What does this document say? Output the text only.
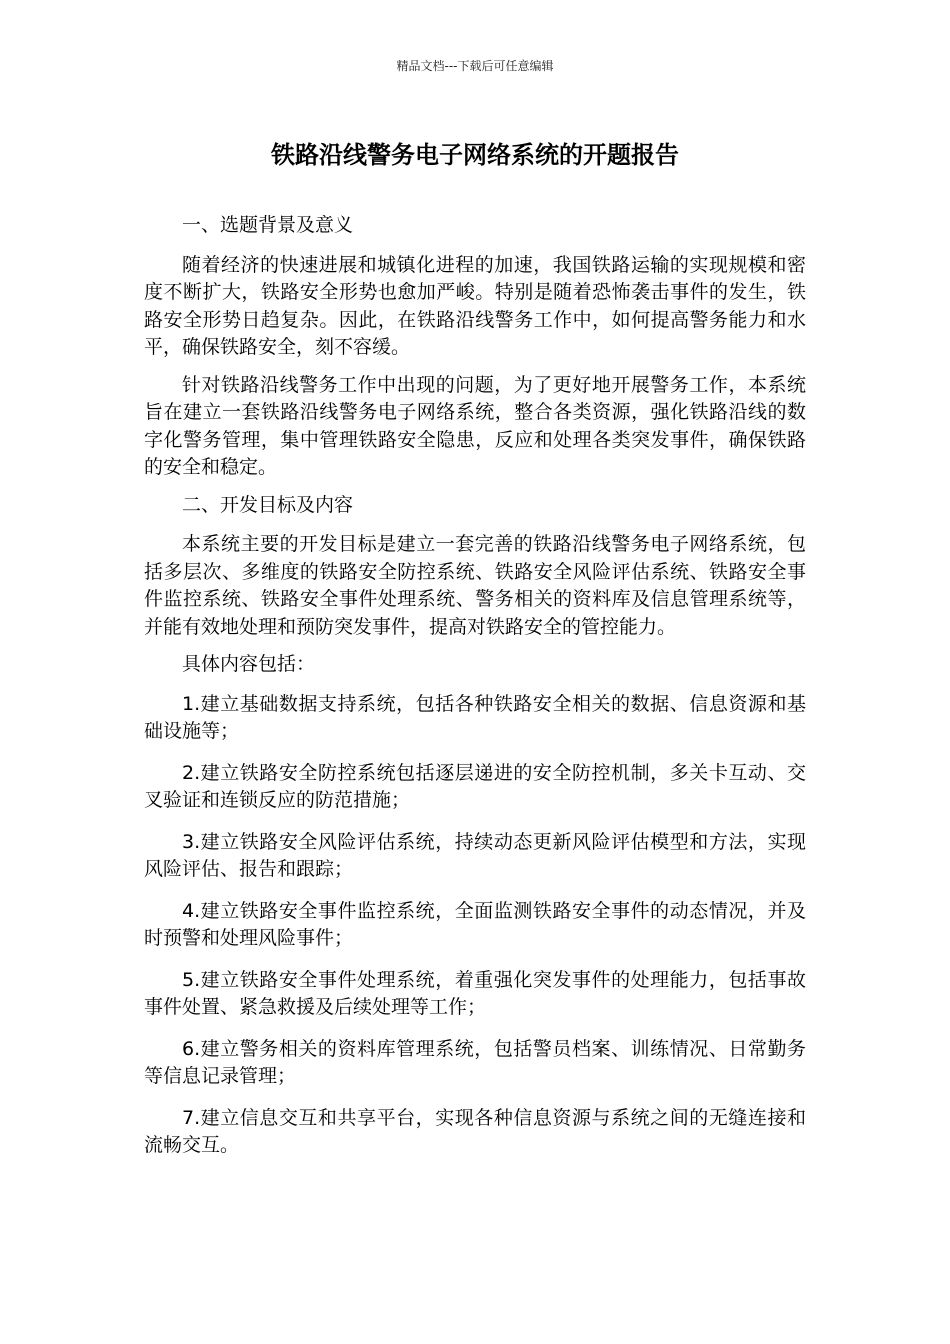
精品文档---下载后可任意编辑
铁路沿线警务电子网络系统的开题报告

一、选题背景及意义

随着经济的快速进展和城镇化进程的加速，我国铁路运输的实现规模和密度不断扩大，铁路安全形势也愈加严峻。特别是随着恐怖袭击事件的发生，铁路安全形势日趋复杂。因此，在铁路沿线警务工作中，如何提高警务能力和水平，确保铁路安全，刻不容缓。

针对铁路沿线警务工作中出现的问题，为了更好地开展警务工作，本系统旨在建立一套铁路沿线警务电子网络系统，整合各类资源，强化铁路沿线的数字化警务管理，集中管理铁路安全隐患，反应和处理各类突发事件，确保铁路的安全和稳定。

二、开发目标及内容

本系统主要的开发目标是建立一套完善的铁路沿线警务电子网络系统，包括多层次、多维度的铁路安全防控系统、铁路安全风险评估系统、铁路安全事件监控系统、铁路安全事件处理系统、警务相关的资料库及信息管理系统等，并能有效地处理和预防突发事件，提高对铁路安全的管控能力。

具体内容包括：

1.建立基础数据支持系统，包括各种铁路安全相关的数据、信息资源和基础设施等；

2.建立铁路安全防控系统包括逐层递进的安全防控机制，多关卡互动、交叉验证和连锁反应的防范措施；

3.建立铁路安全风险评估系统，持续动态更新风险评估模型和方法，实现风险评估、报告和跟踪；

4.建立铁路安全事件监控系统，全面监测铁路安全事件的动态情况，并及时预警和处理风险事件；

5.建立铁路安全事件处理系统，着重强化突发事件的处理能力，包括事故事件处置、紧急救援及后续处理等工作；

6.建立警务相关的资料库管理系统，包括警员档案、训练情况、日常勤务等信息记录管理；

7.建立信息交互和共享平台，实现各种信息资源与系统之间的无缝连接和流畅交互。
